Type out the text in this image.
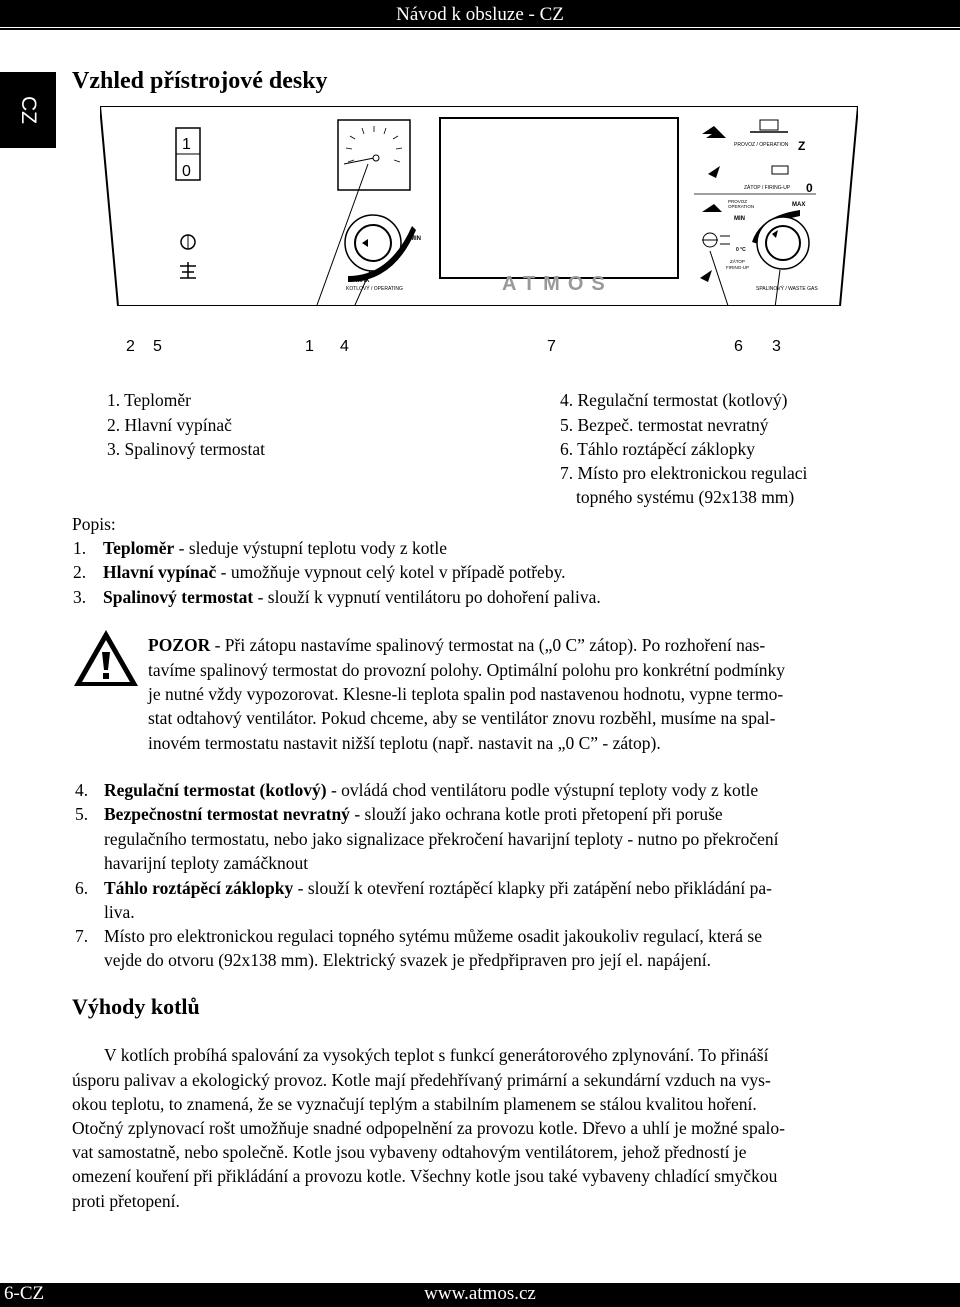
Návod k obsluze - CZ
CZ
Vzhled přístrojové desky
1
0
MIN
MAX
KOTLOVÝ / OPERATING	ATMOS
PROVOZ / OPERATION Z
ZÁTOP / FIRING-UP 0
PROVOZ
OPERATION
MIN
MAX
0 °C
ZÁTOP
FIRING-UP
SPALINOVÝ / WASTE GAS
2 5	1 4	7	6 3
1. Teploměr
2. Hlavní vypínač
3. Spalinový termostat
4. Regulační termostat (kotlový)
5. Bezpeč. termostat nevratný
6. Táhlo roztápěcí záklopky
7. Místo pro elektronickou regulaci
topného systému (92x138 mm)
Popis:
1. Teploměr - sleduje výstupní teplotu vody z kotle
2. Hlavní vypínač - umožňuje vypnout celý kotel v případě potřeby.
3. Spalinový termostat - slouží k vypnutí ventilátoru po dohoření paliva.
POZOR - Při zátopu nastavíme spalinový termostat na („0 C” zátop). Po rozhoření nas-
tavíme spalinový termostat do provozní polohy. Optimální polohu pro konkrétní podmínky
je nutné vždy vypozorovat. Klesne-li teplota spalin pod nastavenou hodnotu, vypne termo-
stat odtahový ventilátor. Pokud chceme, aby se ventilátor znovu rozběhl, musíme na spal-
inovém termostatu nastavit nižší teplotu (např. nastavit na „0 C” - zátop).
4. Regulační termostat (kotlový) - ovládá chod ventilátoru podle výstupní teploty vody z kotle
5. Bezpečnostní termostat nevratný - slouží jako ochrana kotle proti přetopení při poruše
regulačního termostatu, nebo jako signalizace překročení havarijní teploty - nutno po překročení
havarijní teploty zamáčknout
6. Táhlo roztápěcí záklopky - slouží k otevření roztápěcí klapky při zatápění nebo přikládání pa-
liva.
7. Místo pro elektronickou regulaci topného sytému můžeme osadit jakoukoliv regulací, která se
vejde do otvoru (92x138 mm). Elektrický svazek je předpřipraven pro její el. napájení.
Výhody kotlů
V kotlích probíhá spalování za vysokých teplot s funkcí generátorového zplynování. To přináší
úsporu palivav a ekologický provoz. Kotle mají předehřívaný primární a sekundární vzduch na vys-
okou teplotu, to znamená, že se vyznačují teplým a stabilním plamenem se stálou kvalitou hoření.
Otočný zplynovací rošt umožňuje snadné odpopelnění za provozu kotle. Dřevo a uhlí je možné spalo-
vat samostatně, nebo společně. Kotle jsou vybaveny odtahovým ventilátorem, jehož předností je
omezení kouření při přikládání a provozu kotle. Všechny kotle jsou také vybaveny chladící smyčkou
proti přetopení.
6-CZ	www.atmos.cz
